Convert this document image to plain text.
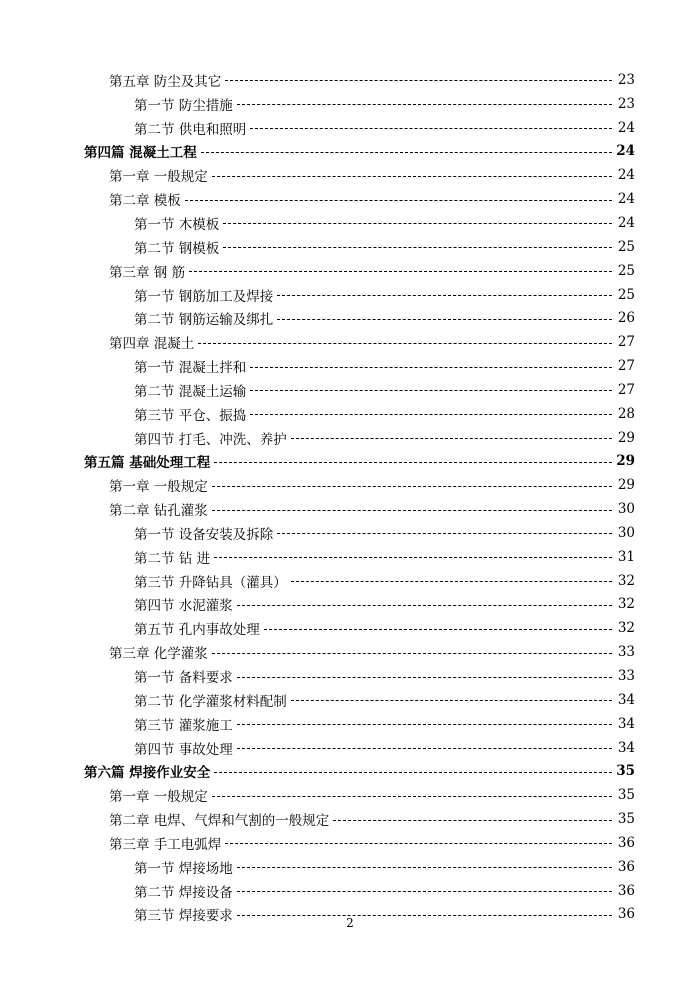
第五章 防尘及其它	23
第一节 防尘措施	23
第二节 供电和照明	24
第四篇 混凝土工程	24
第一章 一般规定	24
第二章 模板	24
第一节 木模板	24
第二节 钢模板	25
第三章 钢 筋	25
第一节 钢筋加工及焊接	25
第二节 钢筋运输及绑扎	26
第四章 混凝土	27
第一节 混凝土拌和	27
第二节 混凝土运输	27
第三节 平仓、振捣	28
第四节 打毛、冲洗、养护	29
第五篇 基础处理工程	29
第一章 一般规定	29
第二章 钻孔灌浆	30
第一节 设备安装及拆除	30
第二节 钻 进	31
第三节 升降钻具（灌具）	32
第四节 水泥灌浆	32
第五节 孔内事故处理	32
第三章 化学灌浆	33
第一节 备料要求	33
第二节 化学灌浆材料配制	34
第三节 灌浆施工	34
第四节 事故处理	34
第六篇 焊接作业安全	35
第一章 一般规定	35
第二章 电焊、气焊和气割的一般规定	35
第三章 手工电弧焊	36
第一节 焊接场地	36
第二节 焊接设备	36
第三节 焊接要求	36
2
